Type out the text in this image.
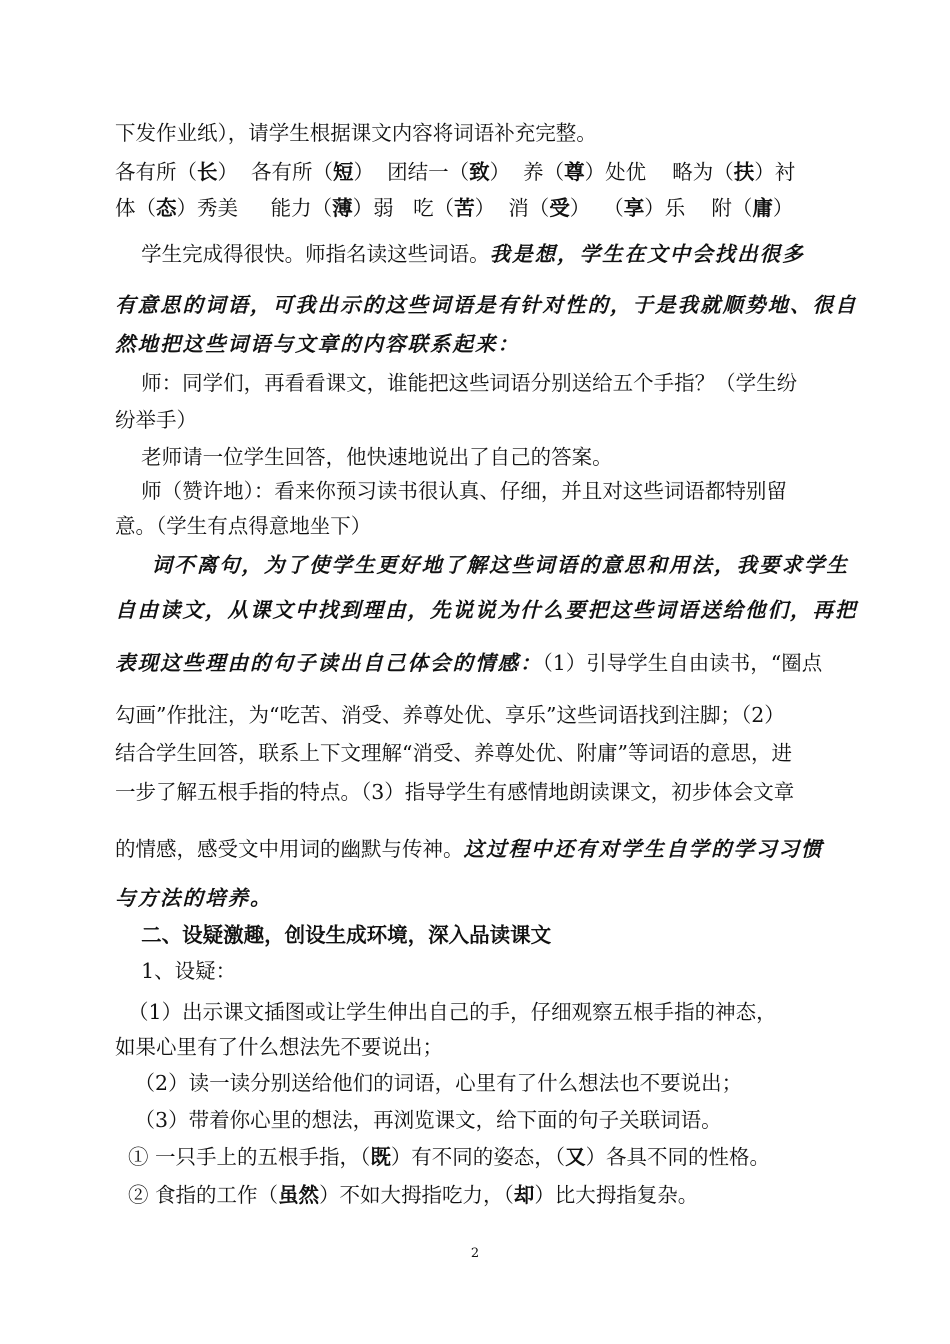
下发作业纸），请学生根据课文内容将词语补充完整。
各有所（长）  各有所（短）  团结一（致）  养（尊）处优    略为（扶）衬
体（态）秀美     能力（薄）弱   吃（苦）  消（受）  （享）乐    附（庸）
学生完成得很快。师指名读这些词语。我是想，学生在文中会找出很多
有意思的词语，可我出示的这些词语是有针对性的，于是我就顺势地、很自
然地把这些词语与文章的内容联系起来：
师：同学们，再看看课文，谁能把这些词语分别送给五个手指？（学生纷
纷举手）
老师请一位学生回答，他快速地说出了自己的答案。
师（赞许地）：看来你预习读书很认真、仔细，并且对这些词语都特别留
意。（学生有点得意地坐下）
词不离句，为了使学生更好地了解这些词语的意思和用法，我要求学生
自由读文，从课文中找到理由，先说说为什么要把这些词语送给他们，再把
表现这些理由的句子读出自己体会的情感：（1）引导学生自由读书，“圈点
勾画”作批注，为“吃苦、消受、养尊处优、享乐”这些词语找到注脚；（2）
结合学生回答，联系上下文理解“消受、养尊处优、附庸”等词语的意思，进
一步了解五根手指的特点。（3）指导学生有感情地朗读课文，初步体会文章
的情感，感受文中用词的幽默与传神。这过程中还有对学生自学的学习习惯
与方法的培养。
二、设疑激趣，创设生成环境，深入品读课文
1、设疑：
（1）出示课文插图或让学生伸出自己的手，仔细观察五根手指的神态，
如果心里有了什么想法先不要说出；
（2）读一读分别送给他们的词语，心里有了什么想法也不要说出；
（3）带着你心里的想法，再浏览课文，给下面的句子关联词语。
① 一只手上的五根手指，（既）有不同的姿态，（又）各具不同的性格。
② 食指的工作（虽然）不如大拇指吃力，（却）比大拇指复杂。
2
